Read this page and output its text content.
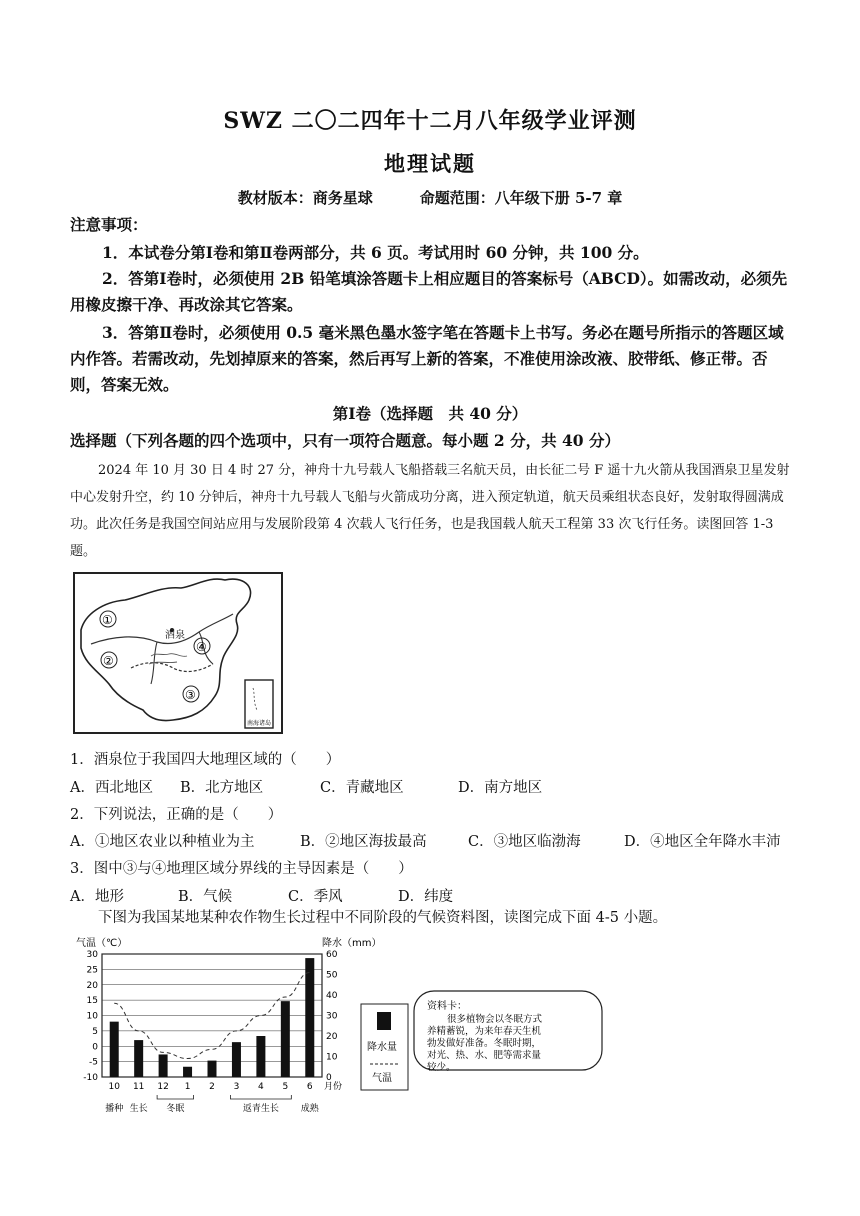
SWZ 二〇二四年十二月八年级学业评测
地理试题
教材版本：商务星球	命题范围：八年级下册 5-7 章
注意事项：
1．本试卷分第Ⅰ卷和第Ⅱ卷两部分，共 6 页。考试用时 60 分钟，共 100 分。
2．答第Ⅰ卷时，必须使用 2B 铅笔填涂答题卡上相应题目的答案标号（ABCD）。如需改动，必须先用橡皮擦干净、再改涂其它答案。
3．答第Ⅱ卷时，必须使用 0.5 毫米黑色墨水签字笔在答题卡上书写。务必在题号所指示的答题区域内作答。若需改动，先划掉原来的答案，然后再写上新的答案，不准使用涂改液、胶带纸、修正带。否则，答案无效。
第Ⅰ卷（选择题　共 40 分）
选择题（下列各题的四个选项中，只有一项符合题意。每小题 2 分，共 40 分）
2024 年 10 月 30 日 4 时 27 分，神舟十九号载人飞船搭载三名航天员，由长征二号 F 遥十九火箭从我国酒泉卫星发射中心发射升空，约 10 分钟后，神舟十九号载人飞船与火箭成功分离，进入预定轨道，航天员乘组状态良好，发射取得圆满成功。此次任务是我国空间站应用与发展阶段第 4 次载人飞行任务，也是我国载人航天工程第 33 次飞行任务。读图回答 1-3 题。
酒泉
①
②
③
④
南海诸岛
1．酒泉位于我国四大地理区域的（　　）
A．西北地区 B．北方地区	C．青藏地区	D．南方地区
2．下列说法，正确的是（　　）
A．①地区农业以种植业为主	B．②地区海拔最高	C．③地区临渤海	D．④地区全年降水丰沛
3．图中③与④地理区域分界线的主导因素是（　　）
A．地形	B．气候	C．季风	D．纬度
下图为我国某地某种农作物生长过程中不同阶段的气候资料图，读图完成下面 4-5 小题。
气温（℃）	降水（mm）
30
25
20
15
10
5
0
-5
-10
60
50
40
30
20
10
0
10 11 12 1 2 3 4 5 6 月份
播种 生长 冬眠	返青生长 成熟
降水量
气温
资料卡：
很多植物会以冬眠方式
养精蓄锐，为来年春天生机
勃发做好准备。冬眠时期，
对光、热、水、肥等需求量
较少。
